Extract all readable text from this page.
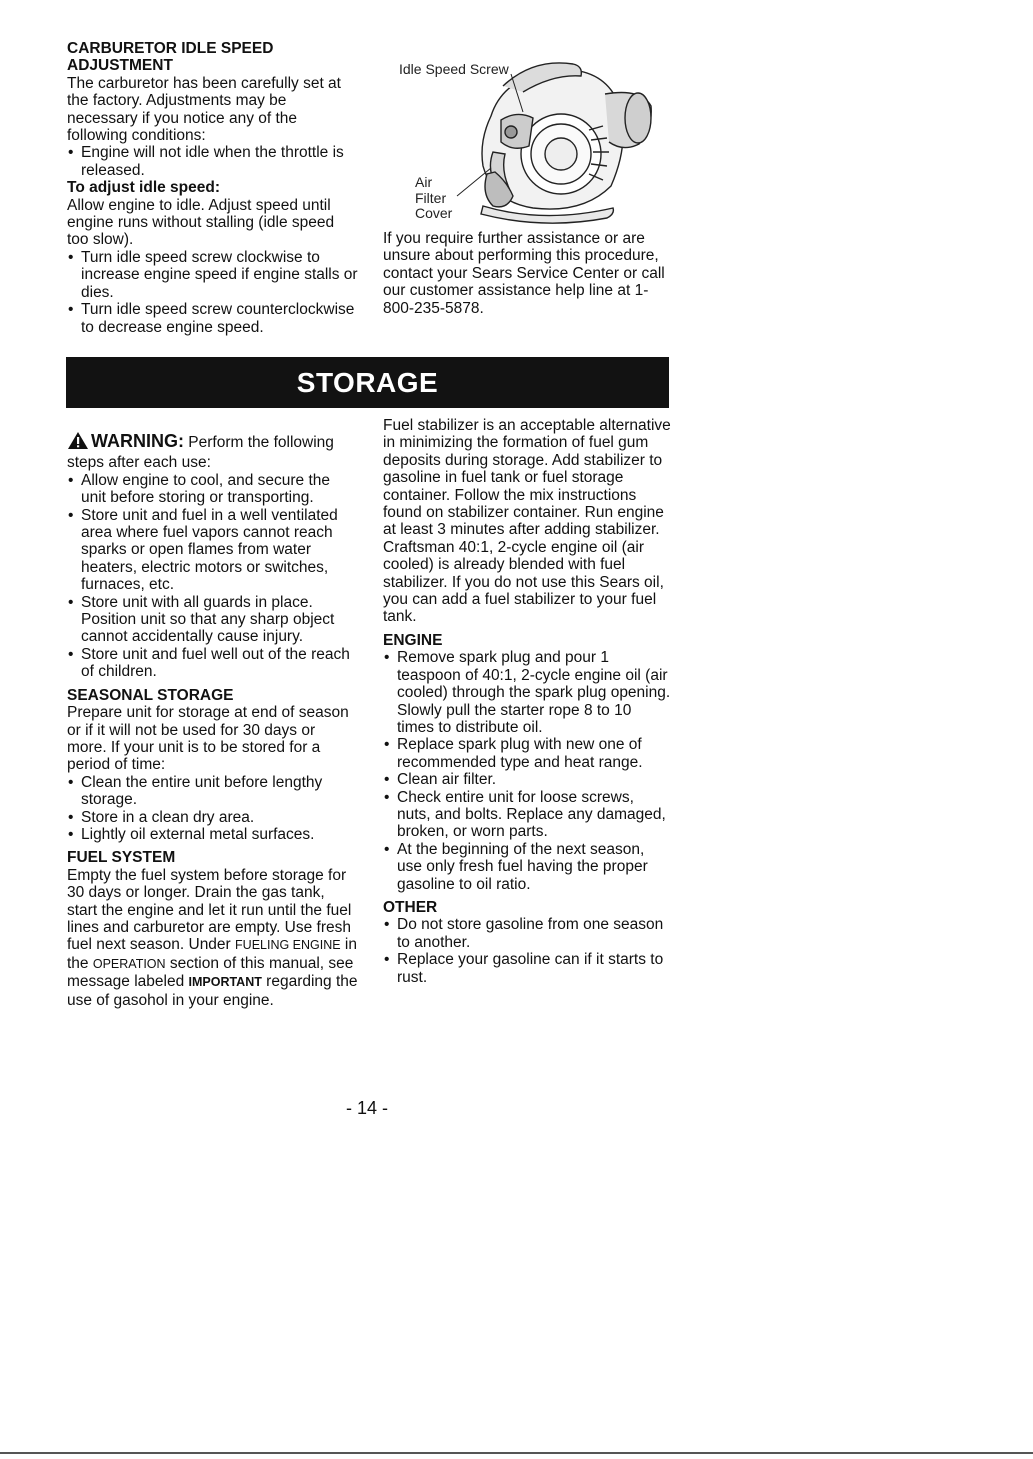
CARBURETOR IDLE SPEED

ADJUSTMENT

The carburetor has been carefully set at the factory. Adjustments may be necessary if you notice any of the following conditions:

• Engine will not idle when the throttle is released.

To adjust idle speed:

Allow engine to idle. Adjust speed until engine runs without stalling (idle speed too slow).

• Turn idle speed screw clockwise to increase engine speed if engine stalls or dies.
• Turn idle speed screw counterclockwise to decrease engine speed.
Idle Speed Screw
Air
Filter
Cover

If you require further assistance or are unsure about performing this procedure, contact your Sears Service Center or call our customer assistance help line at 1-800-235-5878.

STORAGE

WARNING: Perform the following steps after each use:

• Allow engine to cool, and secure the unit before storing or transporting.
• Store unit and fuel in a well ventilated area where fuel vapors cannot reach sparks or open flames from water heaters, electric motors or switches, furnaces, etc.
• Store unit with all guards in place. Position unit so that any sharp object cannot accidentally cause injury.
• Store unit and fuel well out of the reach of children.

SEASONAL STORAGE

Prepare unit for storage at end of season or if it will not be used for 30 days or more. If your unit is to be stored for a period of time:

• Clean the entire unit before lengthy storage.
• Store in a clean dry area.
• Lightly oil external metal surfaces.

FUEL SYSTEM

Empty the fuel system before storage for 30 days or longer. Drain the gas tank, start the engine and let it run until the fuel lines and carburetor are empty. Use fresh fuel next season. Under FUELING ENGINE in the OPERATION section of this manual, see message labeled IMPORTANT regarding the use of gasohol in your engine.

Fuel stabilizer is an acceptable alternative in minimizing the formation of fuel gum deposits during storage. Add stabilizer to gasoline in fuel tank or fuel storage container. Follow the mix instructions found on stabilizer container. Run engine at least 3 minutes after adding stabilizer.

Craftsman 40:1, 2-cycle engine oil (air cooled) is already blended with fuel stabilizer. If you do not use this Sears oil, you can add a fuel stabilizer to your fuel tank.

ENGINE

• Remove spark plug and pour 1 teaspoon of 40:1, 2-cycle engine oil (air cooled) through the spark plug opening. Slowly pull the starter rope 8 to 10 times to distribute oil.
• Replace spark plug with new one of recommended type and heat range.
• Clean air filter.
• Check entire unit for loose screws, nuts, and bolts. Replace any damaged, broken, or worn parts.
• At the beginning of the next season, use only fresh fuel having the proper gasoline to oil ratio.

OTHER

• Do not store gasoline from one season to another.
• Replace your gasoline can if it starts to rust.
- 14 -
